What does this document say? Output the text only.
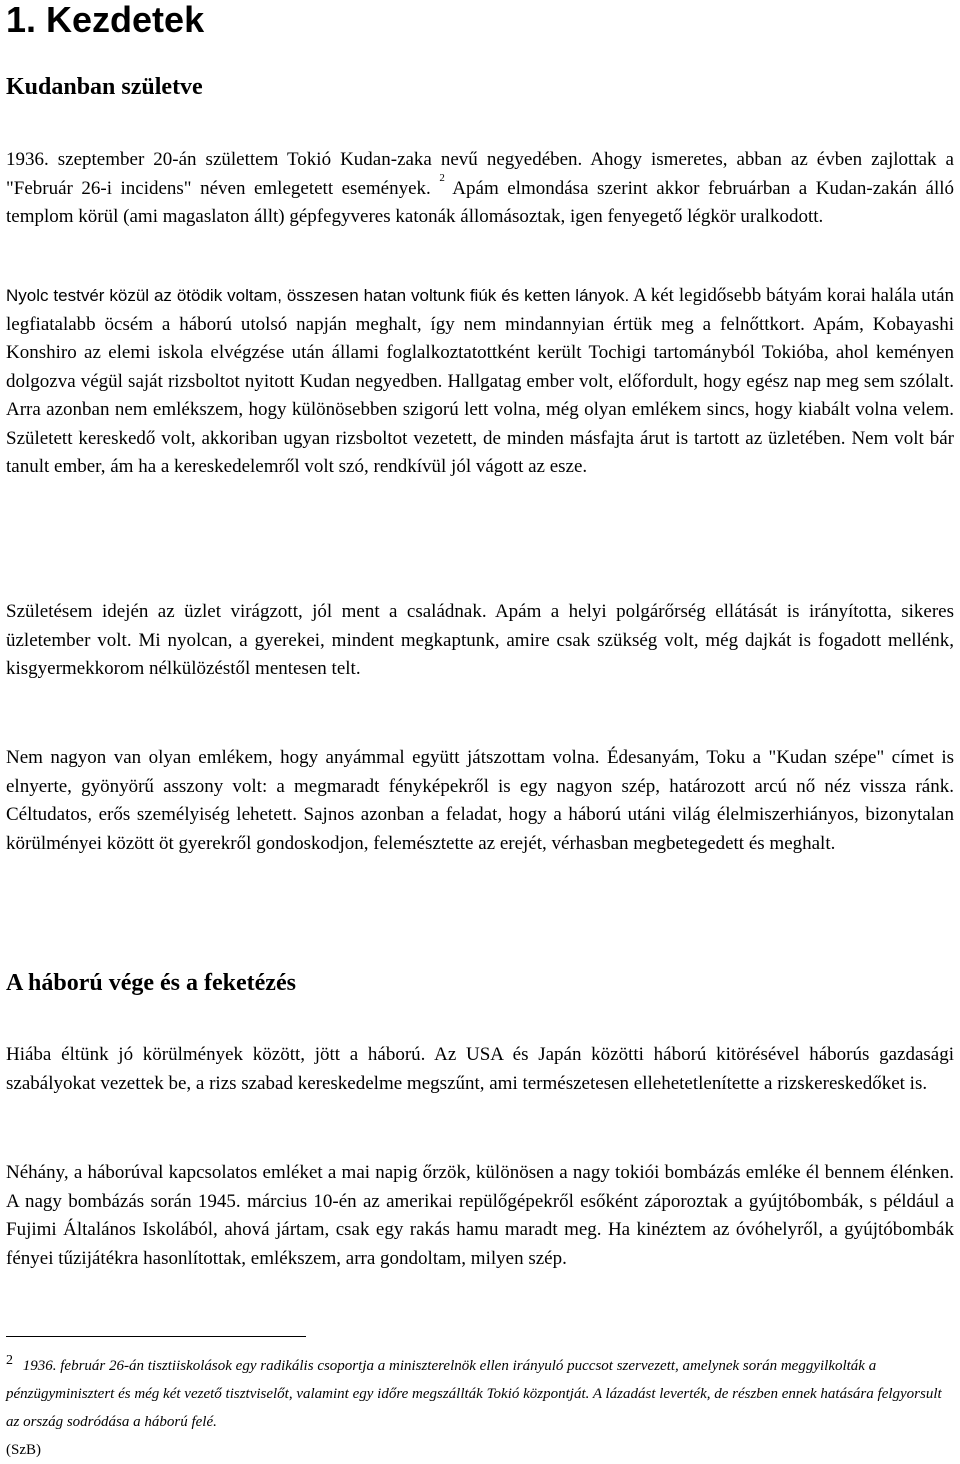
1. Kezdetek
Kudanban születve

1936. szeptember 20-án születtem Tokió Kudan-zaka nevű negyedében. Ahogy ismeretes, abban az évben zajlottak a "Február 26-i incidens" néven emlegetett események. $^2$ Apám elmondása szerint akkor februárban a Kudan-zakán álló templom körül (ami magaslaton állt) gépfegyveres katonák állomásoztak, igen fenyegető légkör uralkodott.

Nyolc testvér közül az ötödik voltam, összesen hatan voltunk fiúk és ketten lányok. A két legidősebb bátyám korai halála után legfiatalabb öcsém a háború utolsó napján meghalt, így nem mindannyian értük meg a felnőttkort. Apám, Kobayashi Konshiro az elemi iskola elvégzése után állami foglalkoztatottként került Tochigi tartományból Tokióba, ahol keményen dolgozva végül saját rizsboltot nyitott Kudan negyedben. Hallgatag ember volt, előfordult, hogy egész nap meg sem szólalt. Arra azonban nem emlékszem, hogy különösebben szigorú lett volna, még olyan emlékem sincs, hogy kiabált volna velem. Született kereskedő volt, akkoriban ugyan rizsboltot vezetett, de minden másfajta árut is tartott az üzletében. Nem volt bár tanult ember, ám ha a kereskedelemről volt szó, rendkívül jól vágott az esze.

Születésem idején az üzlet virágzott, jól ment a családnak. Apám a helyi polgárőrség ellátását is irányította, sikeres üzletember volt. Mi nyolcan, a gyerekei, mindent megkaptunk, amire csak szükség volt, még dajkát is fogadott mellénk, kisgyermekkorom nélkülözéstől mentesen telt.

Nem nagyon van olyan emlékem, hogy anyámmal együtt játszottam volna. Édesanyám, Toku a "Kudan szépe" címet is elnyerte, gyönyörű asszony volt: a megmaradt fényképekről is egy nagyon szép, határozott arcú nő néz vissza ránk. Céltudatos, erős személyiség lehetett. Sajnos azonban a feladat, hogy a háború utáni világ élelmiszerhiányos, bizonytalan körülményei között öt gyerekről gondoskodjon, felemésztette az erejét, vérhasban megbetegedett és meghalt.

A háború vége és a feketézés

Hiába éltünk jó körülmények között, jött a háború. Az USA és Japán közötti háború kitörésével háborús gazdasági szabályokat vezettek be, a rizs szabad kereskedelme megszűnt, ami természetesen ellehetetlenítette a rizskereskedőket is.

Néhány, a háborúval kapcsolatos emléket a mai napig őrzök, különösen a nagy tokiói bombázás emléke él bennem élénken. A nagy bombázás során 1945. március 10-én az amerikai repülőgépekről esőként záporoztak a gyújtóbombák, s például a Fujimi Általános Iskolából, ahová jártam, csak egy rakás hamu maradt meg. Ha kinéztem az óvóhelyről, a gyújtóbombák fényei tűzijátékra hasonlítottak, emlékszem, arra gondoltam, milyen szép.

2 1936. február 26-án tisztiiskolások egy radikális csoportja a miniszterelnök ellen irányuló puccsot szervezett, amelynek során meggyilkolták a pénzügyminisztert és még két vezető tisztviselőt, valamint egy időre megszállták Tokió központját. A lázadást leverték, de részben ennek hatására felgyorsult az ország sodródása a háború felé.
(SzB)
